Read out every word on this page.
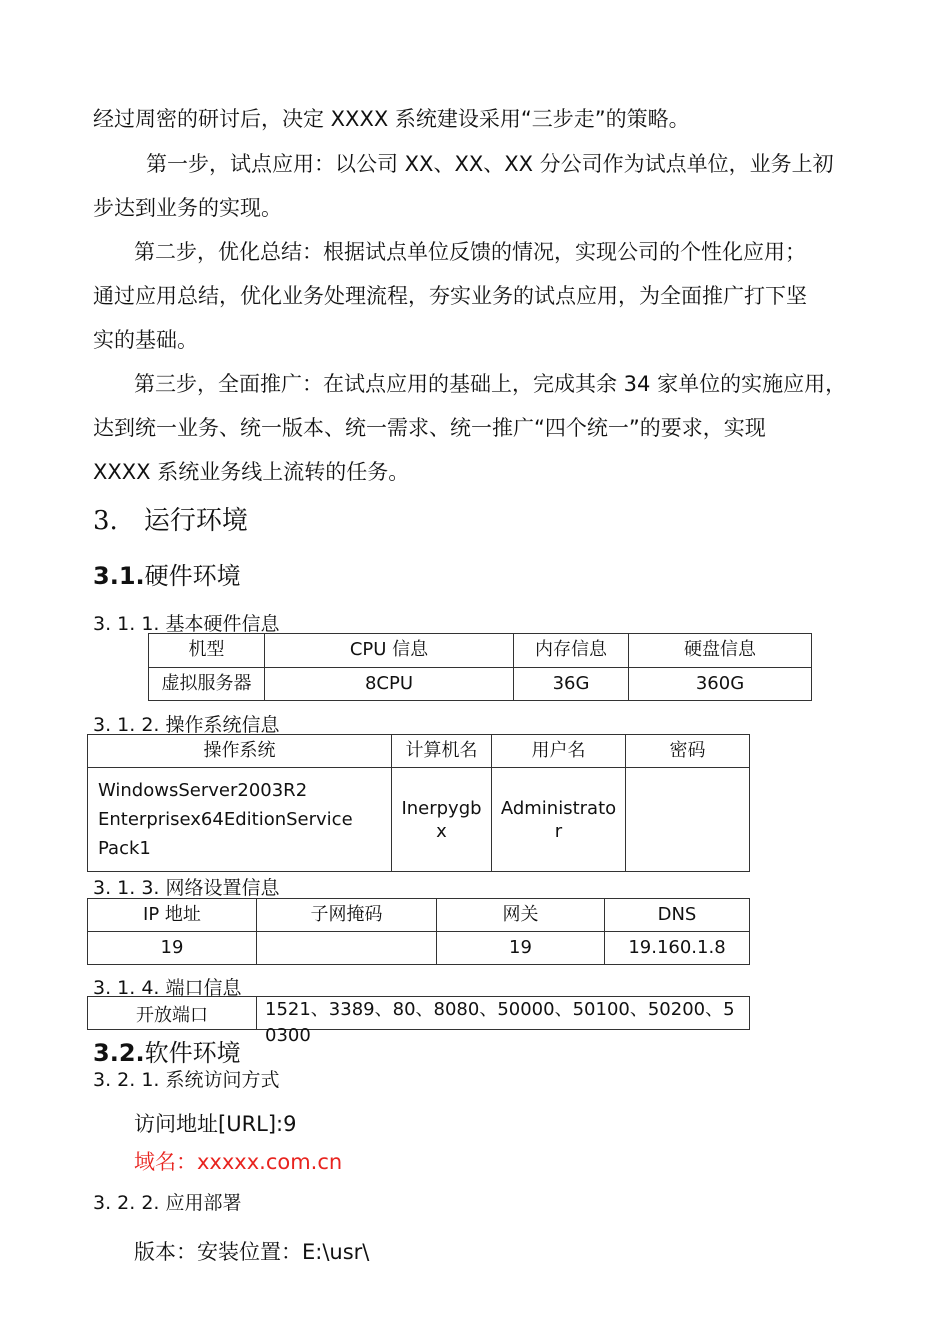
经过周密的研讨后，决定 XXXX 系统建设采用“三步走”的策略。
第一步，试点应用：以公司 XX、XX、XX 分公司作为试点单位，业务上初
步达到业务的实现。
第二步，优化总结：根据试点单位反馈的情况，实现公司的个性化应用；
通过应用总结，优化业务处理流程，夯实业务的试点应用，为全面推广打下坚
实的基础。
第三步，全面推广：在试点应用的基础上，完成其余 34 家单位的实施应用，
达到统一业务、统一版本、统一需求、统一推广“四个统一”的要求，实现
XXXX 系统业务线上流转的任务。
3. 运行环境
3.1.硬件环境
3. 1. 1. 基本硬件信息
机型	CPU 信息	内存信息	硬盘信息
虚拟服务器	8CPU	36G	360G
3. 1. 2. 操作系统信息
操作系统	计算机名	用户名	密码
WindowsServer2003R2 Enterprisex64EditionService Pack1	Inerpygbx	Administrator	
3. 1. 3. 网络设置信息
IP 地址	子网掩码	网关	DNS
19		19	19.160.1.8
3. 1. 4. 端口信息
开放端口	1521、3389、80、8080、50000、50100、50200、50300
3.2.软件环境
3. 2. 1. 系统访问方式
访问地址[URL]:9
域名：xxxxx.com.cn
3. 2. 2. 应用部署
版本：安装位置：E:\usr\
